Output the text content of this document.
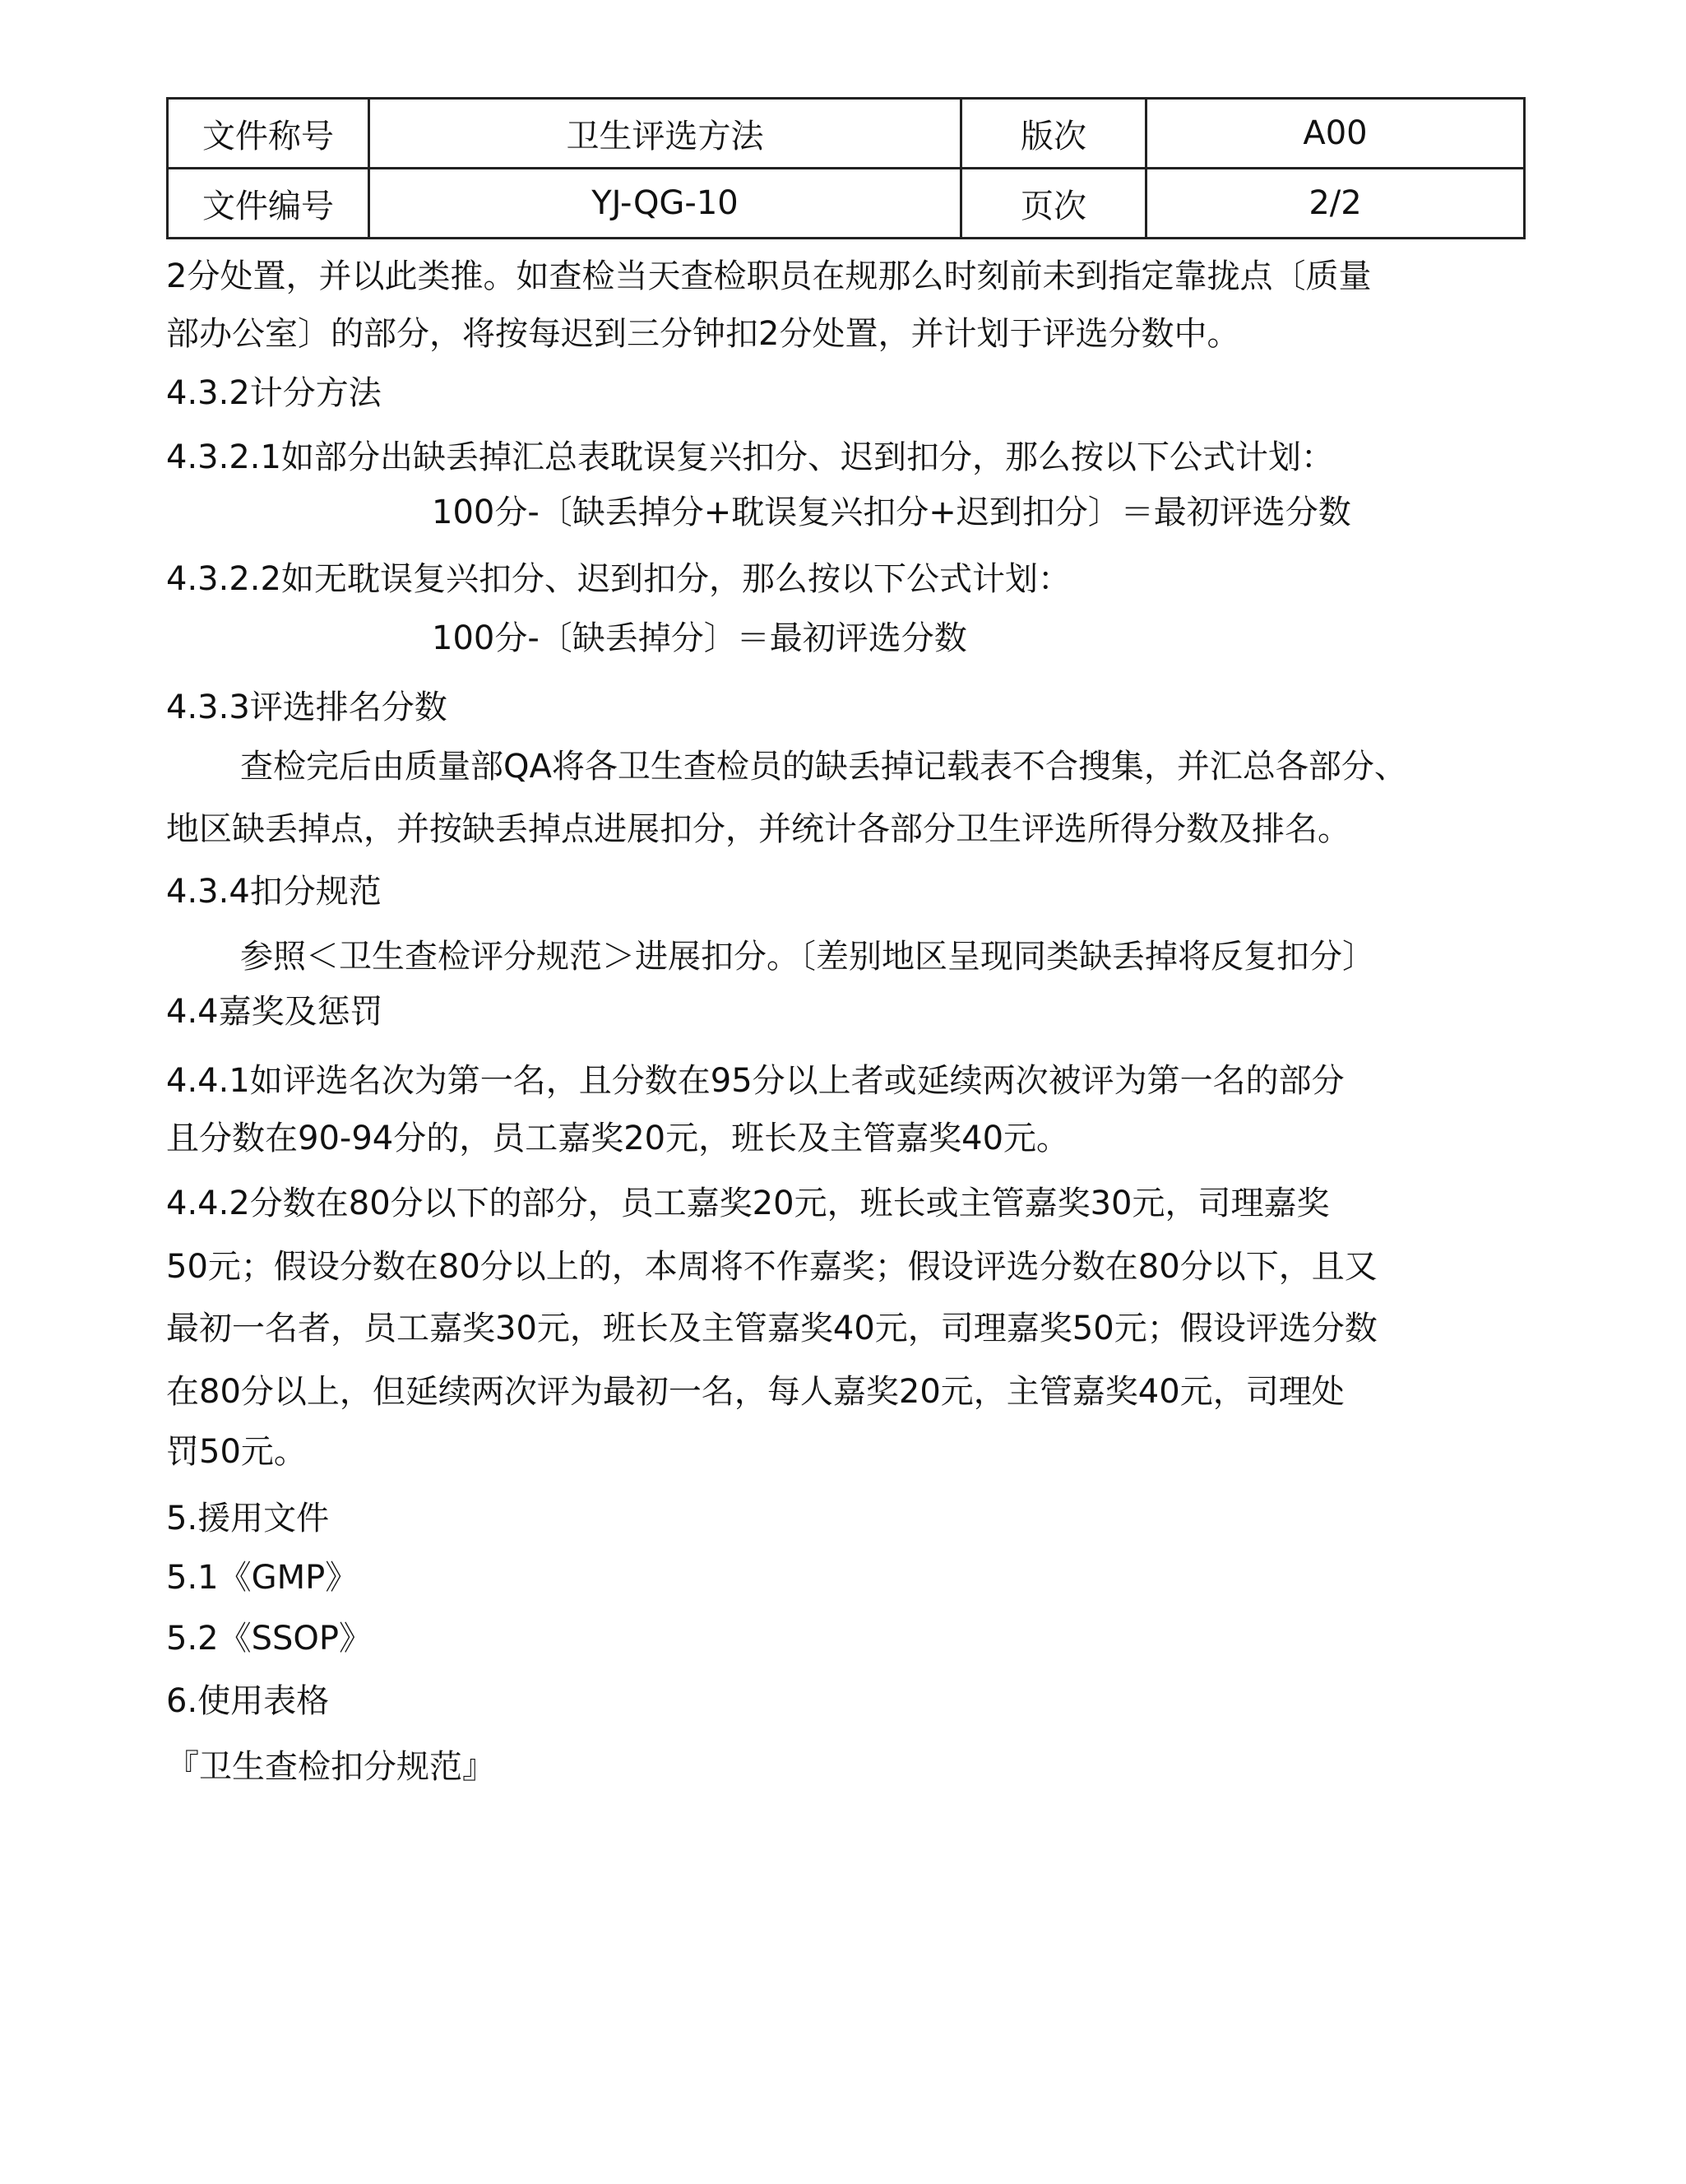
文件称号	卫生评选方法	版次	A00
文件编号	YJ-QG-10	页次	2/2
2分处置，并以此类推。如查检当天查检职员在规那么时刻前未到指定靠拢点〔质量
部办公室〕的部分，将按每迟到三分钟扣2分处置，并计划于评选分数中。
4.3.2计分方法
4.3.2.1如部分出缺丢掉汇总表耽误复兴扣分、迟到扣分，那么按以下公式计划：
100分-〔缺丢掉分+耽误复兴扣分+迟到扣分〕＝最初评选分数
4.3.2.2如无耽误复兴扣分、迟到扣分，那么按以下公式计划：
100分-〔缺丢掉分〕＝最初评选分数
4.3.3评选排名分数
查检完后由质量部QA将各卫生查检员的缺丢掉记载表不合搜集，并汇总各部分、
地区缺丢掉点，并按缺丢掉点进展扣分，并统计各部分卫生评选所得分数及排名。
4.3.4扣分规范
参照＜卫生查检评分规范＞进展扣分。〔差别地区呈现同类缺丢掉将反复扣分〕
4.4嘉奖及惩罚
4.4.1如评选名次为第一名，且分数在95分以上者或延续两次被评为第一名的部分
且分数在90-94分的，员工嘉奖20元，班长及主管嘉奖40元。
4.4.2分数在80分以下的部分，员工嘉奖20元，班长或主管嘉奖30元，司理嘉奖
50元；假设分数在80分以上的，本周将不作嘉奖；假设评选分数在80分以下，且又
最初一名者，员工嘉奖30元，班长及主管嘉奖40元，司理嘉奖50元；假设评选分数
在80分以上，但延续两次评为最初一名，每人嘉奖20元，主管嘉奖40元，司理处
罚50元。
5.援用文件
5.1《GMP》
5.2《SSOP》
6.使用表格
『卫生查检扣分规范』
